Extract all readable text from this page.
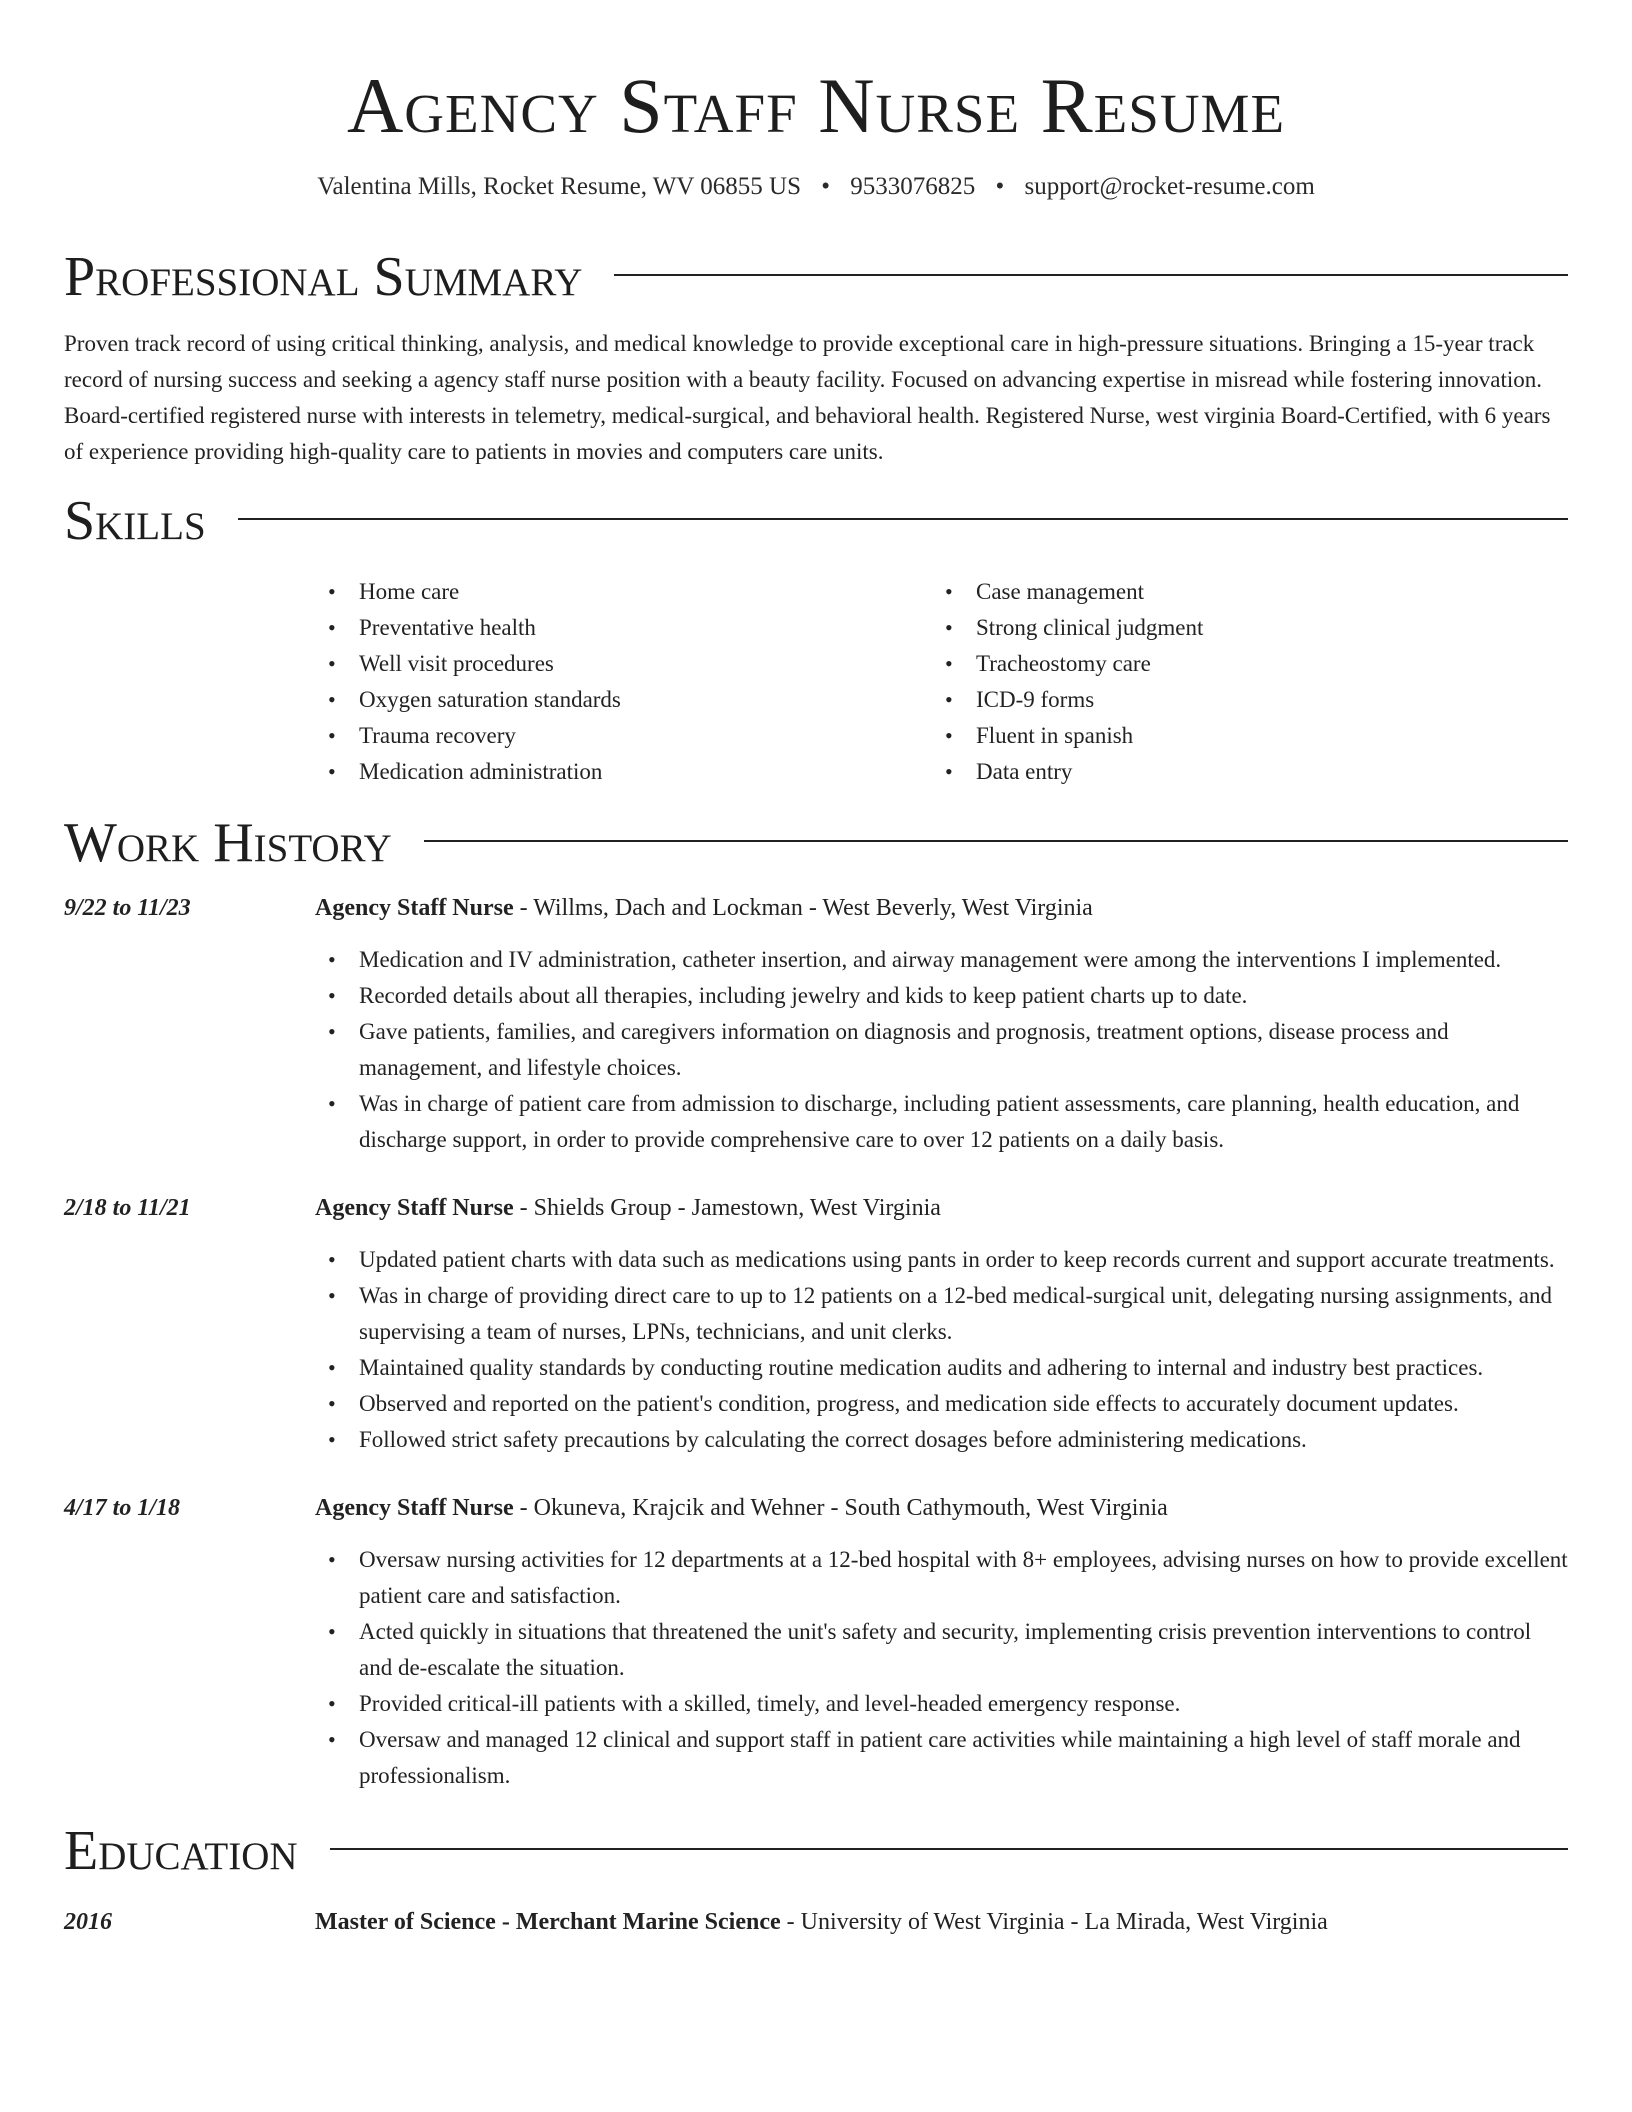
Agency Staff Nurse Resume
Valentina Mills, Rocket Resume, WV 06855 US • 9533076825 • support@rocket-resume.com
Professional Summary

Proven track record of using critical thinking, analysis, and medical knowledge to provide exceptional care in high-pressure situations. Bringing a 15-year track record of nursing success and seeking a agency staff nurse position with a beauty facility. Focused on advancing expertise in misread while fostering innovation. Board-certified registered nurse with interests in telemetry, medical-surgical, and behavioral health. Registered Nurse, west virginia Board-Certified, with 6 years of experience providing high-quality care to patients in movies and computers care units.

Skills
• Home care
• Preventative health
• Well visit procedures
• Oxygen saturation standards
• Trauma recovery
• Medication administration
• Case management
• Strong clinical judgment
• Tracheostomy care
• ICD-9 forms
• Fluent in spanish
• Data entry
Work History
9/22 to 11/23	Agency Staff Nurse - Willms, Dach and Lockman - West Beverly, West Virginia
• Medication and IV administration, catheter insertion, and airway management were among the interventions I implemented.
• Recorded details about all therapies, including jewelry and kids to keep patient charts up to date.
• Gave patients, families, and caregivers information on diagnosis and prognosis, treatment options, disease process and management, and lifestyle choices.
• Was in charge of patient care from admission to discharge, including patient assessments, care planning, health education, and discharge support, in order to provide comprehensive care to over 12 patients on a daily basis.
2/18 to 11/21	Agency Staff Nurse - Shields Group - Jamestown, West Virginia
• Updated patient charts with data such as medications using pants in order to keep records current and support accurate treatments.
• Was in charge of providing direct care to up to 12 patients on a 12-bed medical-surgical unit, delegating nursing assignments, and supervising a team of nurses, LPNs, technicians, and unit clerks.
• Maintained quality standards by conducting routine medication audits and adhering to internal and industry best practices.
• Observed and reported on the patient's condition, progress, and medication side effects to accurately document updates.
• Followed strict safety precautions by calculating the correct dosages before administering medications.
4/17 to 1/18	Agency Staff Nurse - Okuneva, Krajcik and Wehner - South Cathymouth, West Virginia
• Oversaw nursing activities for 12 departments at a 12-bed hospital with 8+ employees, advising nurses on how to provide excellent patient care and satisfaction.
• Acted quickly in situations that threatened the unit's safety and security, implementing crisis prevention interventions to control and de-escalate the situation.
• Provided critical-ill patients with a skilled, timely, and level-headed emergency response.
• Oversaw and managed 12 clinical and support staff in patient care activities while maintaining a high level of staff morale and professionalism.
Education
2016	Master of Science - Merchant Marine Science - University of West Virginia - La Mirada, West Virginia
